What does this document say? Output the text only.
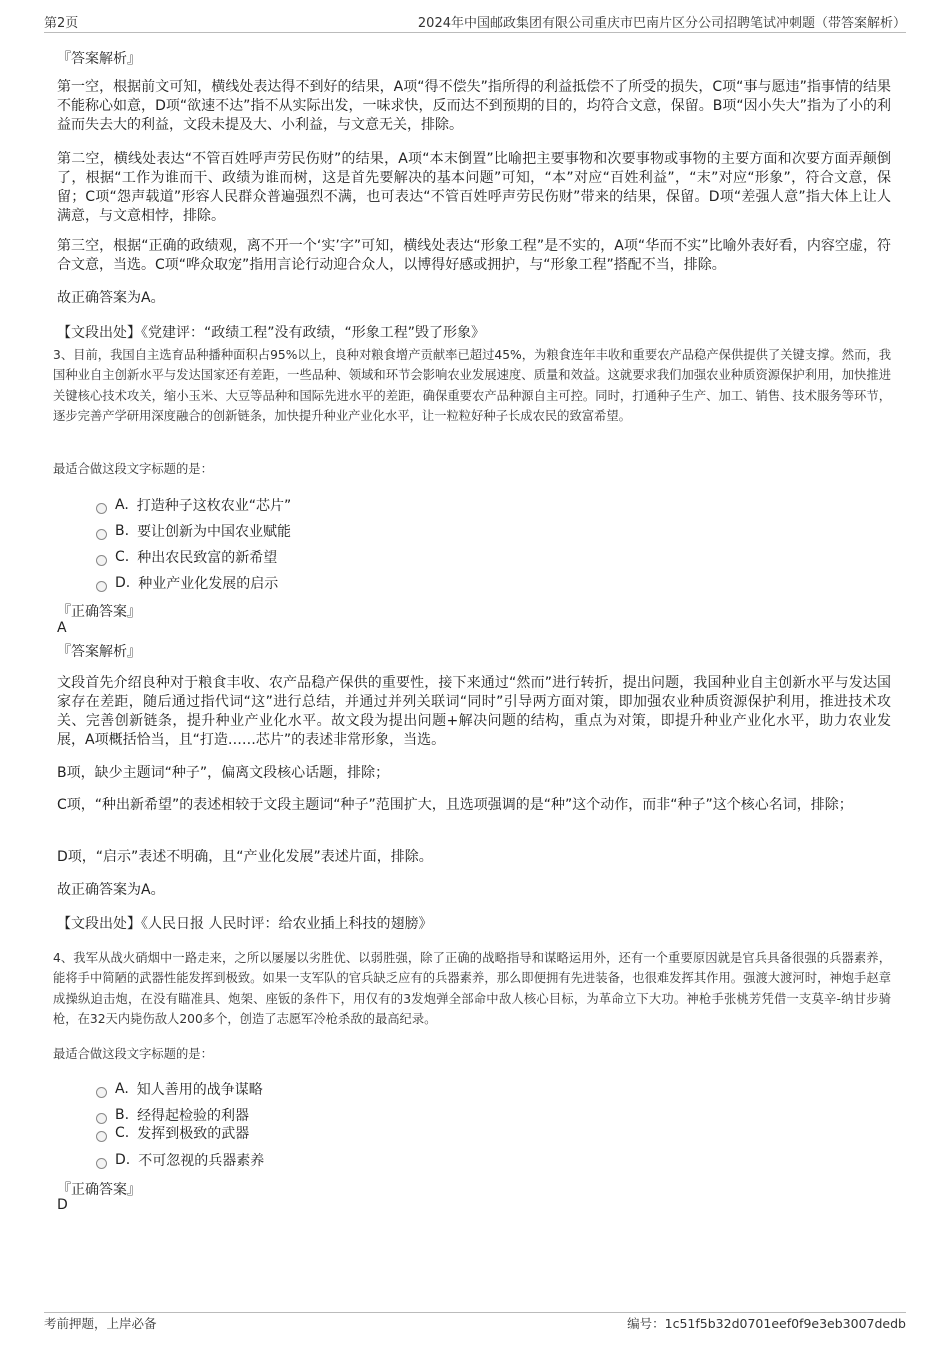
第2页	2024年中国邮政集团有限公司重庆市巴南片区分公司招聘笔试冲刺题（带答案解析）
『答案解析』
第一空，根据前文可知，横线处表达得不到好的结果，A项“得不偿失”指所得的利益抵偿不了所受的损失，C项“事与愿违”指事情的结果不能称心如意，D项“欲速不达”指不从实际出发，一味求快，反而达不到预期的目的，均符合文意，保留。B项“因小失大”指为了小的利益而失去大的利益，文段未提及大、小利益，与文意无关，排除。
第二空，横线处表达“不管百姓呼声劳民伤财”的结果，A项“本末倒置”比喻把主要事物和次要事物或事物的主要方面和次要方面弄颠倒了，根据“工作为谁而干、政绩为谁而树，这是首先要解决的基本问题”可知，“本”对应“百姓利益”，“末”对应“形象”，符合文意，保留；C项“怨声载道”形容人民群众普遍强烈不满，也可表达“不管百姓呼声劳民伤财”带来的结果，保留。D项“差强人意”指大体上让人满意，与文意相悖，排除。
第三空，根据“正确的政绩观，离不开一个‘实’字”可知，横线处表达“形象工程”是不实的，A项“华而不实”比喻外表好看，内容空虚，符合文意，当选。C项“哗众取宠”指用言论行动迎合众人，以博得好感或拥护，与“形象工程”搭配不当，排除。
故正确答案为A。
【文段出处】《党建评：“政绩工程”没有政绩，“形象工程”毁了形象》
3、目前，我国自主选育品种播种面积占95%以上，良种对粮食增产贡献率已超过45%，为粮食连年丰收和重要农产品稳产保供提供了关键支撑。然而，我国种业自主创新水平与发达国家还有差距，一些品种、领域和环节会影响农业发展速度、质量和效益。这就要求我们加强农业种质资源保护利用，加快推进关键核心技术攻关，缩小玉米、大豆等品种和国际先进水平的差距，确保重要农产品种源自主可控。同时，打通种子生产、加工、销售、技术服务等环节，逐步完善产学研用深度融合的创新链条，加快提升种业产业化水平，让一粒粒好种子长成农民的致富希望。
最适合做这段文字标题的是：
A. 打造种子这枚农业“芯片”
B. 要让创新为中国农业赋能
C. 种出农民致富的新希望
D. 种业产业化发展的启示
『正确答案』
A
『答案解析』
文段首先介绍良种对于粮食丰收、农产品稳产保供的重要性，接下来通过“然而”进行转折，提出问题，我国种业自主创新水平与发达国家存在差距，随后通过指代词“这”进行总结，并通过并列关联词“同时”引导两方面对策，即加强农业种质资源保护利用，推进技术攻关、完善创新链条，提升种业产业化水平。故文段为提出问题+解决问题的结构，重点为对策，即提升种业产业化水平，助力农业发展，A项概括恰当，且“打造……芯片”的表述非常形象，当选。
B项，缺少主题词“种子”，偏离文段核心话题，排除；
C项，“种出新希望”的表述相较于文段主题词“种子”范围扩大，且选项强调的是“种”这个动作，而非“种子”这个核心名词，排除；
D项，“启示”表述不明确，且“产业化发展”表述片面，排除。
故正确答案为A。
【文段出处】《人民日报 人民时评：给农业插上科技的翅膀》
4、我军从战火硝烟中一路走来，之所以屡屡以劣胜优、以弱胜强，除了正确的战略指导和谋略运用外，还有一个重要原因就是官兵具备很强的兵器素养，能将手中简陋的武器性能发挥到极致。如果一支军队的官兵缺乏应有的兵器素养，那么即便拥有先进装备，也很难发挥其作用。强渡大渡河时，神炮手赵章成操纵迫击炮，在没有瞄准具、炮架、座钣的条件下，用仅有的3发炮弹全部命中敌人核心目标，为革命立下大功。神枪手张桃芳凭借一支莫辛-纳甘步骑枪，在32天内毙伤敌人200多个，创造了志愿军冷枪杀敌的最高纪录。
最适合做这段文字标题的是：
A. 知人善用的战争谋略
B. 经得起检验的利器
C. 发挥到极致的武器
D. 不可忽视的兵器素养
『正确答案』
D
考前押题，上岸必备	编号：1c51f5b32d0701eef0f9e3eb3007dedb
